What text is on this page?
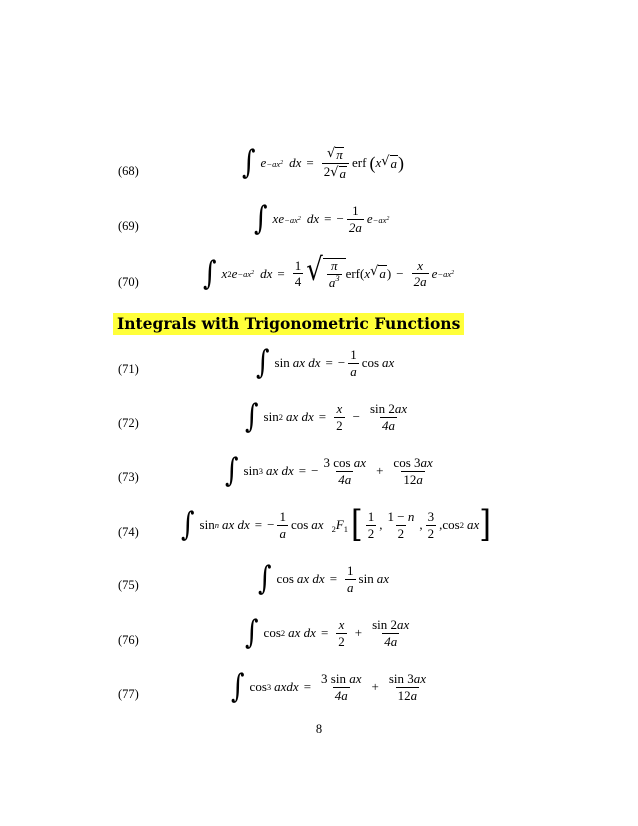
(68)	∫ $e -ax^2$ dx = $\frac{√ \pi}{2 √ a}$ erf ( x √ a )
(69)	∫ xe $-ax^2$ dx = − $\frac{1}{2a}$ $e -ax^2$
(70) ∫ x 2 $e -ax^2$ dx = $\frac{1}{4}$ √ $\frac{\pi}{a^3} erf$( x √ a ) − $\frac{x}{2a}$ $e -ax^2$
Integrals with Trigonometric Functions
(71)	∫ sin ax dx = − $\frac{1}{a}$ cos ax
(72)	∫ sin 2 ax dx = $\frac{x}{2} - \frac{\sin 2ax}{4a}$
(73)	∫ sin 3 ax dx = − $\frac{\text{3 cos ax}}{4a} + \frac{\cos 3ax}{12a}$
(74) ∫ sin n ax dx = − $\frac{1}{a}$ cos ax $_2F_1$ [ $\frac{1}{2}$ , $\frac{1 - n}{2}$ , $\frac{3}{2}$ , cos 2 ax ]
(75)	∫ cos ax dx = $\frac{1}{a}$ sin ax
(76)	∫ cos 2 ax dx = $\frac{x}{2} + \frac{\sin 2ax}{4a}$
(77)	∫ cos 3 axdx = $\frac{\text{3 sin ax}}{4a} + \frac{\sin 3ax}{12a}$
8
